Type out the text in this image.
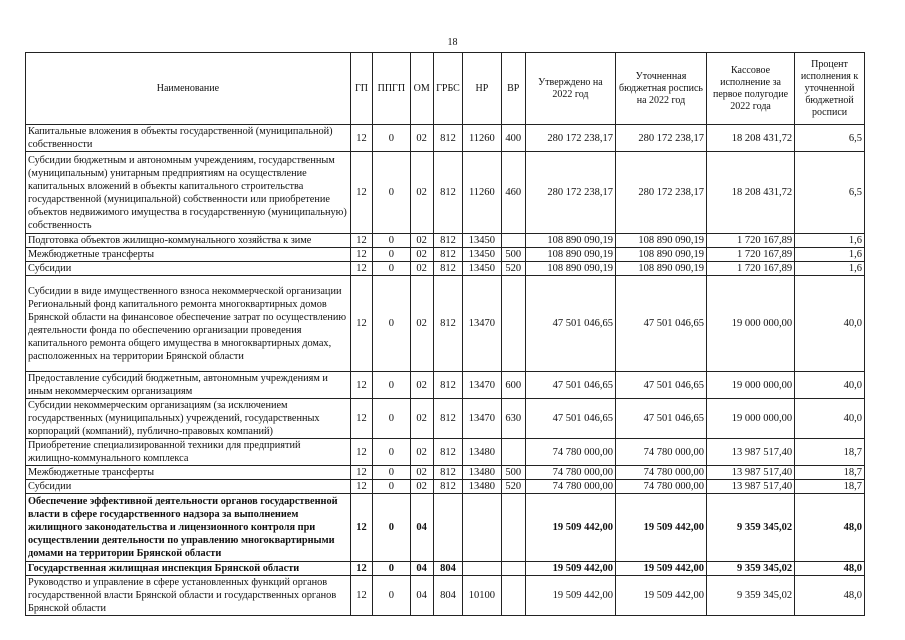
18
Наименование	ГП	ППГП	ОМ	ГРБС	НР	ВР	Утверждено на 2022 год	Уточненная бюджетная роспись на 2022 год	Кассовое исполнение за первое полугодие 2022 года	Процент исполнения к уточненной бюджетной росписи
Капитальные вложения в объекты государственной (муниципальной) собственности	12	0	02	812	11260	400	280 172 238,17	280 172 238,17	18 208 431,72	6,5
Субсидии бюджетным и автономным учреждениям, государственным (муниципальным) унитарным предприятиям на осуществление капитальных вложений в объекты капитального строительства государственной (муниципальной) собственности или приобретение объектов недвижимого имущества в государственную (муниципальную) собственность	12	0	02	812	11260	460	280 172 238,17	280 172 238,17	18 208 431,72	6,5
Подготовка объектов жилищно-коммунального хозяйства к зиме	12	0	02	812	13450		108 890 090,19	108 890 090,19	1 720 167,89	1,6
Межбюджетные трансферты	12	0	02	812	13450	500	108 890 090,19	108 890 090,19	1 720 167,89	1,6
Субсидии	12	0	02	812	13450	520	108 890 090,19	108 890 090,19	1 720 167,89	1,6
Субсидии в виде имущественного взноса некоммерческой организации Региональный фонд капитального ремонта многоквартирных домов Брянской области на финансовое обеспечение затрат по осуществлению деятельности фонда по обеспечению организации проведения капитального ремонта общего имущества в многоквартирных домах, расположенных на территории Брянской области	12	0	02	812	13470		47 501 046,65	47 501 046,65	19 000 000,00	40,0
Предоставление субсидий бюджетным, автономным учреждениям и иным некоммерческим организациям	12	0	02	812	13470	600	47 501 046,65	47 501 046,65	19 000 000,00	40,0
Субсидии некоммерческим организациям (за исключением государственных (муниципальных) учреждений, государственных корпораций (компаний), публично-правовых компаний)	12	0	02	812	13470	630	47 501 046,65	47 501 046,65	19 000 000,00	40,0
Приобретение специализированной техники для предприятий жилищно-коммунального комплекса	12	0	02	812	13480		74 780 000,00	74 780 000,00	13 987 517,40	18,7
Межбюджетные трансферты	12	0	02	812	13480	500	74 780 000,00	74 780 000,00	13 987 517,40	18,7
Субсидии	12	0	02	812	13480	520	74 780 000,00	74 780 000,00	13 987 517,40	18,7
Обеспечение эффективной деятельности органов государственной власти в сфере государственного надзора за выполнением жилищного законодательства и лицензионного контроля при осуществлении деятельности по управлению многоквартирными домами на территории Брянской области	12	0	04				19 509 442,00	19 509 442,00	9 359 345,02	48,0
Государственная жилищная инспекция Брянской области	12	0	04	804			19 509 442,00	19 509 442,00	9 359 345,02	48,0
Руководство и управление в сфере установленных функций органов государственной власти Брянской области и государственных органов Брянской области	12	0	04	804	10100		19 509 442,00	19 509 442,00	9 359 345,02	48,0
